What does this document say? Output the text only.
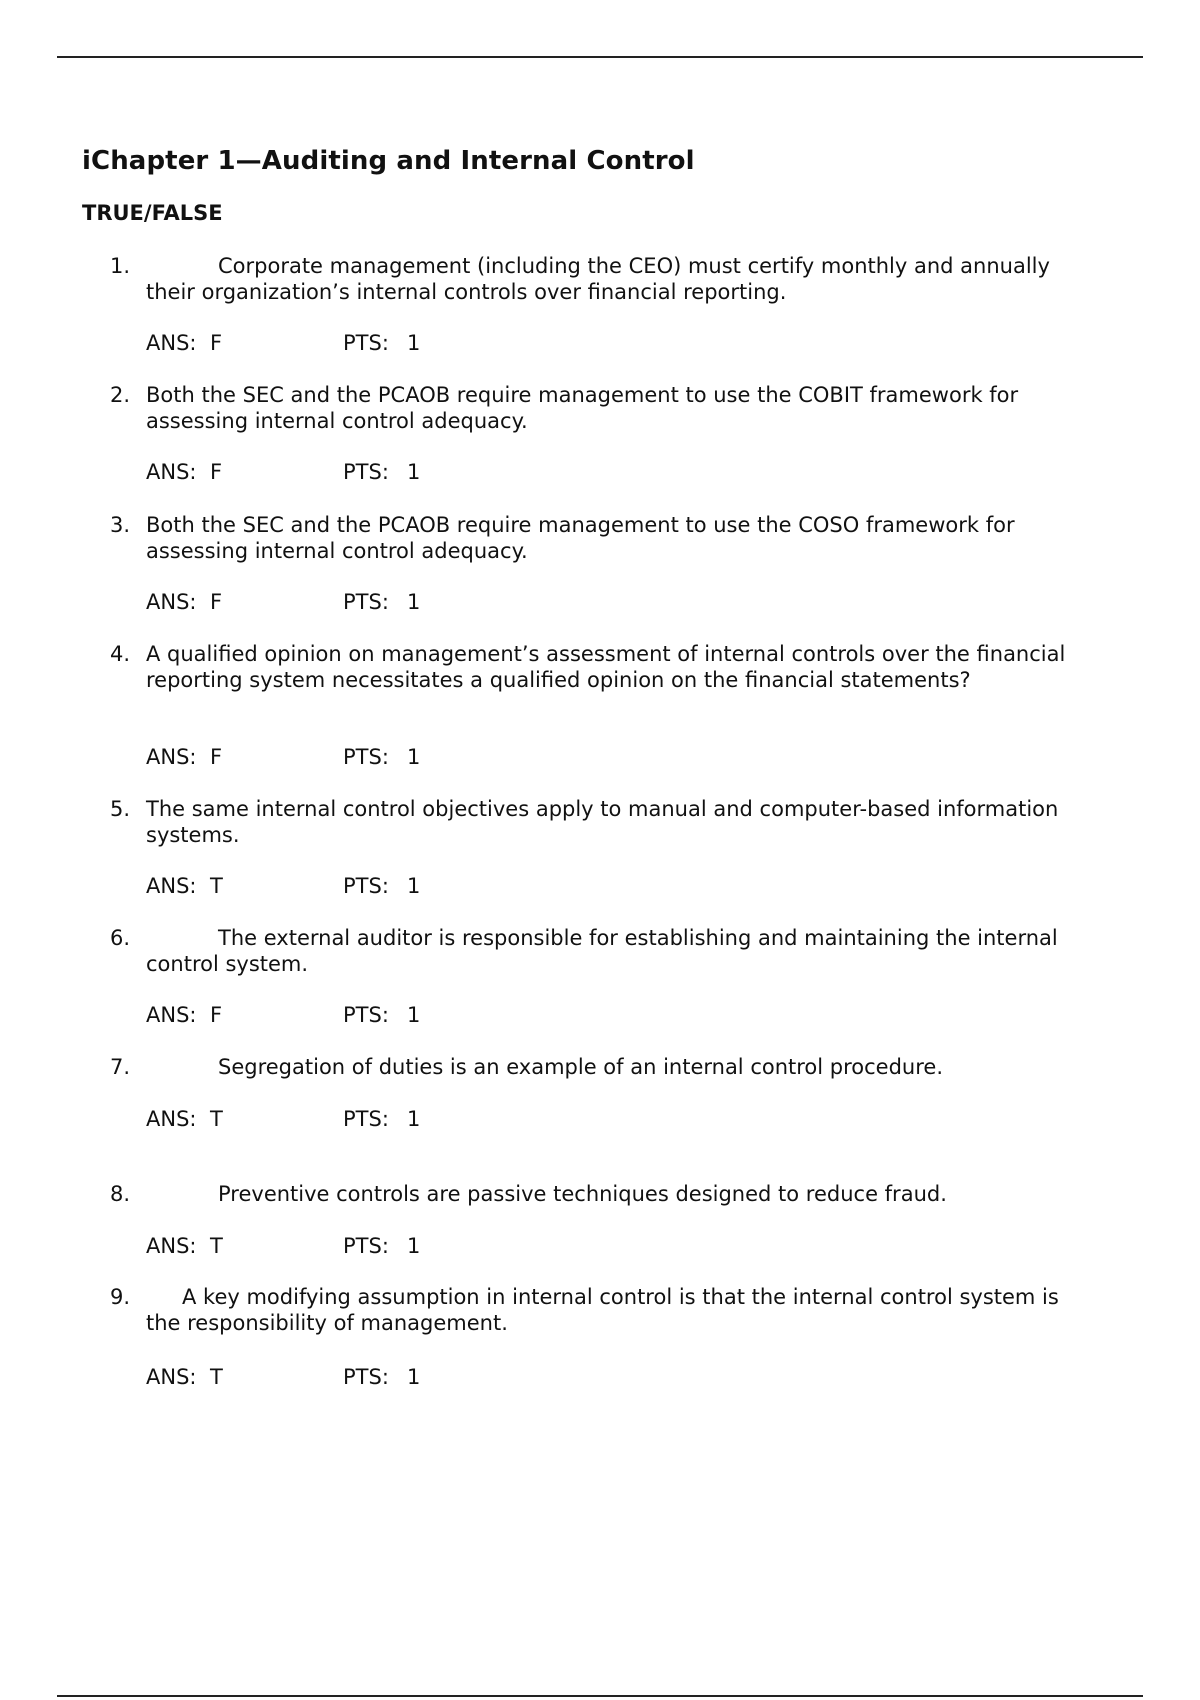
iChapter 1—Auditing and Internal Control
TRUE/FALSE
1.	Corporate management (including the CEO) must certify monthly and annually their organization’s internal controls over financial reporting.
ANS: F	PTS: 1
2. Both the SEC and the PCAOB require management to use the COBIT framework for assessing internal control adequacy.
ANS: F	PTS: 1
3. Both the SEC and the PCAOB require management to use the COSO framework for assessing internal control adequacy.
ANS: F	PTS: 1
4. A qualified opinion on management’s assessment of internal controls over the financial reporting system necessitates a qualified opinion on the financial statements?
ANS: F	PTS: 1
5. The same internal control objectives apply to manual and computer-based information systems.
ANS: T	PTS: 1
6.	The external auditor is responsible for establishing and maintaining the internal control system.
ANS: F	PTS: 1
7.	Segregation of duties is an example of an internal control procedure.
ANS: T	PTS: 1
8.	Preventive controls are passive techniques designed to reduce fraud.
ANS: T	PTS: 1
9.	A key modifying assumption in internal control is that the internal control system is the responsibility of management.
ANS: T	PTS: 1
